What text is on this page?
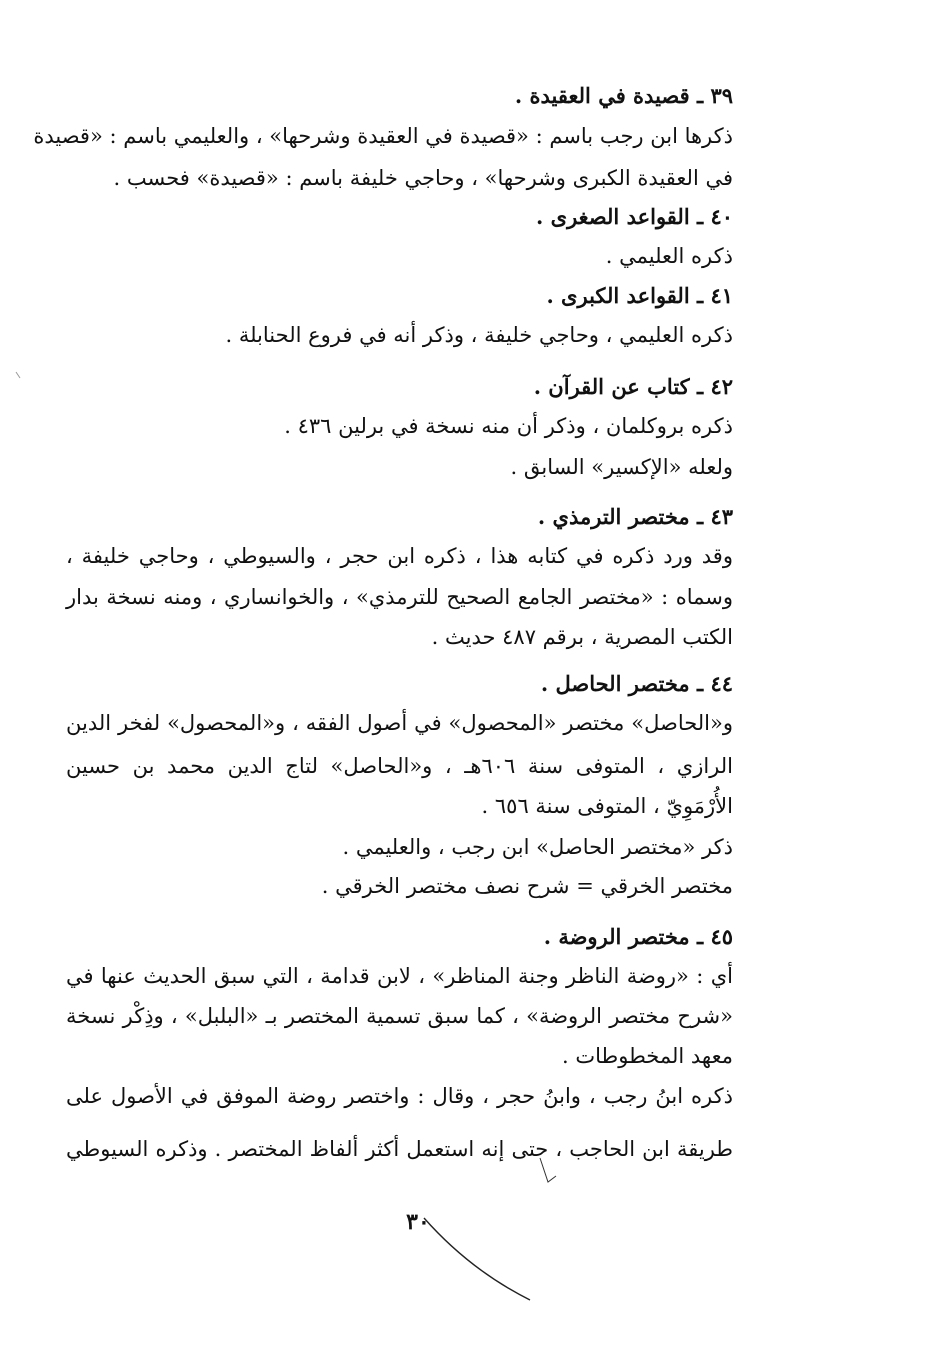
٣٩ ـ قصيدة في العقيدة .
ذكرها ابن رجب باسم : «قصيدة في العقيدة وشرحها» ، والعليمي باسم : «قصيدة
في العقيدة الكبرى وشرحها» ، وحاجي خليفة باسم : «قصيدة» فحسب .
٤٠ ـ القواعد الصغرى .
ذكره العليمي .
٤١ ـ القواعد الكبرى .
ذكره العليمي ، وحاجي خليفة ، وذكر أنه في فروع الحنابلة .
٤٢ ـ كتاب عن القرآن .
ذكره بروكلمان ، وذكر أن منه نسخة في برلين ٤٣٦ .
ولعله «الإكسير» السابق .
٤٣ ـ مختصر الترمذي .
وقد ورد ذكره في كتابه هذا ، ذكره ابن حجر ، والسيوطي ، وحاجي خليفة ،
وسماه : «مختصر الجامع الصحيح للترمذي» ، والخوانساري ، ومنه نسخة بدار
الكتب المصرية ، برقم ٤٨٧ حديث .
٤٤ ـ مختصر الحاصل .
و«الحاصل» مختصر «المحصول» في أصول الفقه ، و«المحصول» لفخر الدين
الرازي ، المتوفى سنة ٦٠٦هـ ، و«الحاصل» لتاج الدين محمد بن حسين
الأُرْمَوِيّ ، المتوفى سنة ٦٥٦ .
ذكر «مختصر الحاصل» ابن رجب ، والعليمي .
مختصر الخرقي = شرح نصف مختصر الخرقي .
٤٥ ـ مختصر الروضة .
أي : «روضة الناظر وجنة المناظر» ، لابن قدامة ، التي سبق الحديث عنها في
«شرح مختصر الروضة» ، كما سبق تسمية المختصر بـ «البلبل» ، وذِكْر نسخة
معهد المخطوطات .
ذكره ابنُ رجب ، وابنُ حجر ، وقال : واختصر روضة الموفق في الأصول على
طريقة ابن الحاجب ، حتى إنه استعمل أكثر ألفاظ المختصر . وذكره السيوطي
٣٠
